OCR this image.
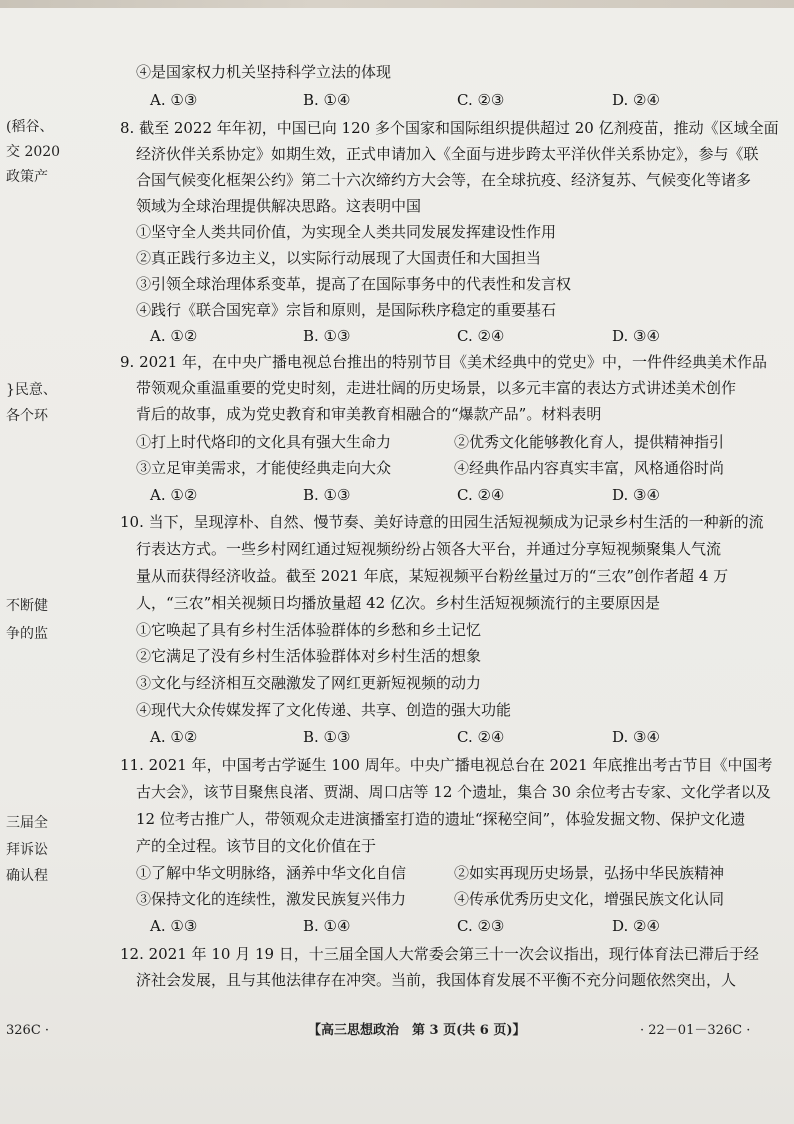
(稻谷、
交 2020
政策产
}民意、
各个环
不断健
争的监
三届全
拜诉讼
确认程
④是国家权力机关坚持科学立法的体现
A. ①③	B. ①④	C. ②③	D. ②④
8. 截至 2022 年年初，中国已向 120 多个国家和国际组织提供超过 20 亿剂疫苗，推动《区域全面
经济伙伴关系协定》如期生效，正式申请加入《全面与进步跨太平洋伙伴关系协定》，参与《联
合国气候变化框架公约》第二十六次缔约方大会等，在全球抗疫、经济复苏、气候变化等诸多
领域为全球治理提供解决思路。这表明中国
①坚守全人类共同价值，为实现全人类共同发展发挥建设性作用
②真正践行多边主义，以实际行动展现了大国责任和大国担当
③引领全球治理体系变革，提高了在国际事务中的代表性和发言权
④践行《联合国宪章》宗旨和原则，是国际秩序稳定的重要基石
A. ①②	B. ①③	C. ②④	D. ③④
9. 2021 年，在中央广播电视总台推出的特别节目《美术经典中的党史》中，一件件经典美术作品
带领观众重温重要的党史时刻，走进壮阔的历史场景，以多元丰富的表达方式讲述美术创作
背后的故事，成为党史教育和审美教育相融合的“爆款产品”。材料表明
①打上时代烙印的文化具有强大生命力	②优秀文化能够教化育人，提供精神指引
③立足审美需求，才能使经典走向大众	④经典作品内容真实丰富，风格通俗时尚
A. ①②	B. ①③	C. ②④	D. ③④
10. 当下，呈现淳朴、自然、慢节奏、美好诗意的田园生活短视频成为记录乡村生活的一种新的流
行表达方式。一些乡村网红通过短视频纷纷占领各大平台，并通过分享短视频聚集人气流
量从而获得经济收益。截至 2021 年底，某短视频平台粉丝量过万的“三农”创作者超 4 万
人，“三农”相关视频日均播放量超 42 亿次。乡村生活短视频流行的主要原因是
①它唤起了具有乡村生活体验群体的乡愁和乡土记忆
②它满足了没有乡村生活体验群体对乡村生活的想象
③文化与经济相互交融激发了网红更新短视频的动力
④现代大众传媒发挥了文化传递、共享、创造的强大功能
A. ①②	B. ①③	C. ②④	D. ③④
11. 2021 年，中国考古学诞生 100 周年。中央广播电视总台在 2021 年底推出考古节目《中国考
古大会》，该节目聚焦良渚、贾湖、周口店等 12 个遗址，集合 30 余位考古专家、文化学者以及
12 位考古推广人，带领观众走进演播室打造的遗址“探秘空间”，体验发掘文物、保护文化遗
产的全过程。该节目的文化价值在于
①了解中华文明脉络，涵养中华文化自信	②如实再现历史场景，弘扬中华民族精神
③保持文化的连续性，激发民族复兴伟力	④传承优秀历史文化，增强民族文化认同
A. ①③	B. ①④	C. ②③	D. ②④
12. 2021 年 10 月 19 日，十三届全国人大常委会第三十一次会议指出，现行体育法已滞后于经
济社会发展，且与其他法律存在冲突。当前，我国体育发展不平衡不充分问题依然突出，人
326C ·	【高三思想政治　第 3 页(共 6 页)】	· 22－01－326C ·
